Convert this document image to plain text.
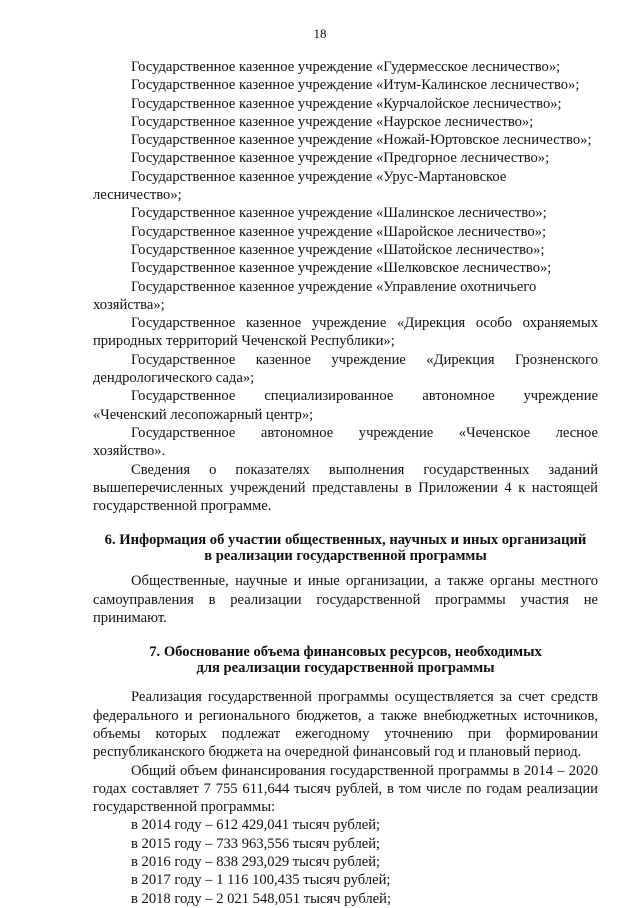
18

Государственное казенное учреждение «Гудермесское лесничество»;

Государственное казенное учреждение «Итум-Калинское лесничество»;

Государственное казенное учреждение «Курчалойское лесничество»;

Государственное казенное учреждение «Наурское лесничество»;

Государственное казенное учреждение «Ножай-Юртовское лесничество»;

Государственное казенное учреждение «Предгорное лесничество»;

Государственное казенное учреждение «Урус-Мартановское лесничество»;

Государственное казенное учреждение «Шалинское лесничество»;

Государственное казенное учреждение «Шаройское лесничество»;

Государственное казенное учреждение «Шатойское лесничество»;

Государственное казенное учреждение «Шелковское лесничество»;

Государственное казенное учреждение «Управление охотничьего хозяйства»;

Государственное казенное учреждение «Дирекция особо охраняемых

природных территорий Чеченской Республики»;

Государственное казенное учреждение «Дирекция Грозненского

дендрологического сада»;

Государственное специализированное автономное учреждение

«Чеченский лесопожарный центр»;

Государственное автономное учреждение «Чеченское лесное

хозяйство».

Сведения о показателях выполнения государственных заданий вышеперечисленных учреждений представлены в Приложении 4 к настоящей государственной программе.

6. Информация об участии общественных, научных и иных организаций
в реализации государственной программы

Общественные, научные и иные организации, а также органы местного самоуправления в реализации государственной программы участия не принимают.

7. Обоснование объема финансовых ресурсов, необходимых
для реализации государственной программы

Реализация государственной программы осуществляется за счет средств федерального и регионального бюджетов, а также внебюджетных источников, объемы которых подлежат ежегодному уточнению при формировании республиканского бюджета на очередной финансовый год и плановый период.

Общий объем финансирования государственной программы в 2014 – 2020 годах составляет 7 755 611,644 тысяч рублей, в том числе по годам реализации государственной программы:

в 2014 году – 612 429,041 тысяч рублей;

в 2015 году – 733 963,556 тысяч рублей;

в 2016 году – 838 293,029 тысяч рублей;

в 2017 году – 1 116 100,435 тысяч рублей;

в 2018 году – 2 021 548,051 тысяч рублей;
